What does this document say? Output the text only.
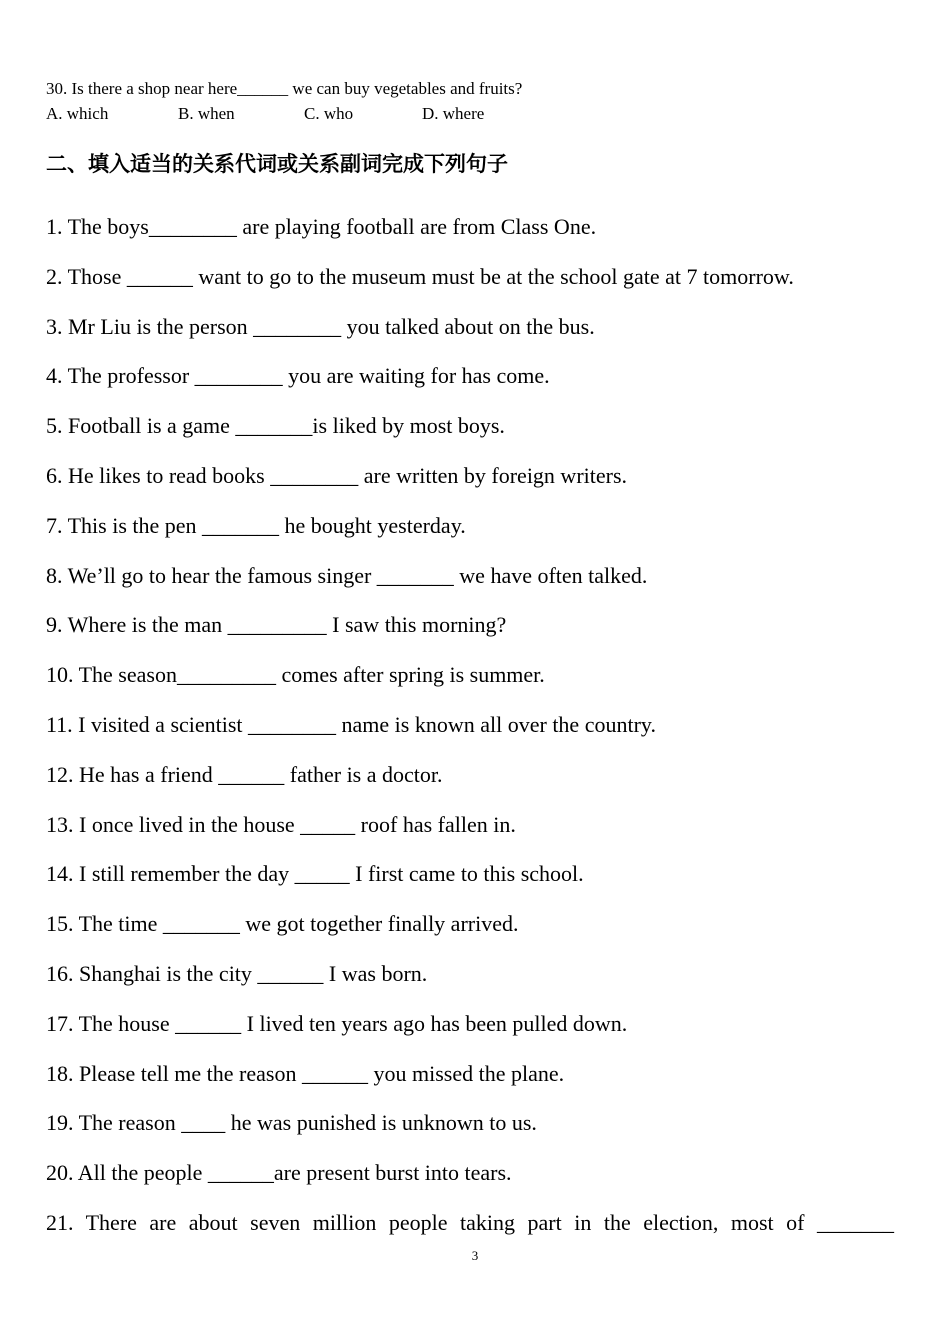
30. Is there a shop near here______ we can buy vegetables and fruits?
A. which	B. when	C. who	D. where
二、填入适当的关系代词或关系副词完成下列句子
1. The boys________ are playing football are from Class One.
2. Those ______ want to go to the museum must be at the school gate at 7 tomorrow.
3. Mr Liu is the person ________ you talked about on the bus.
4. The professor ________ you are waiting for has come.
5. Football is a game _______is liked by most boys.
6. He likes to read books ________ are written by foreign writers.
7. This is the pen _______ he bought yesterday.
8. We’ll go to hear the famous singer _______ we have often talked.
9. Where is the man _________ I saw this morning?
10. The season_________ comes after spring is summer.
11. I visited a scientist ________ name is known all over the country.
12. He has a friend ______ father is a doctor.
13. I once lived in the house _____ roof has fallen in.
14. I still remember the day _____ I first came to this school.
15. The time _______ we got together finally arrived.
16. Shanghai is the city ______ I was born.
17. The house ______ I lived ten years ago has been pulled down.
18. Please tell me the reason ______ you missed the plane.
19. The reason ____ he was punished is unknown to us.
20. All the people ______are present burst into tears.
21. There are about seven million people taking part in the election, most of _______
3
